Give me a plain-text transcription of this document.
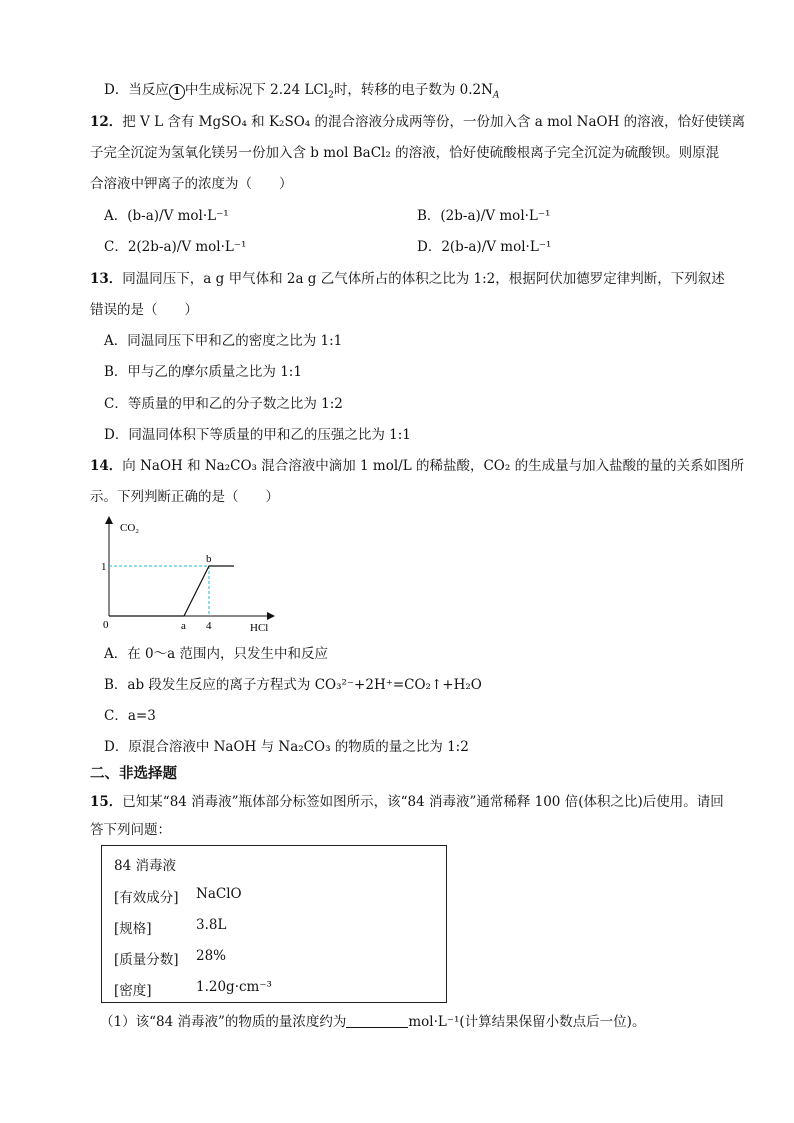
D．当反应 1 中生成标况下 2.24 LCl$_2$时，转移的电子数为 $0.2N_A$
12．把 V L 含有 MgSO₄ 和 K₂SO₄ 的混合溶液分成两等份，一份加入含 a mol NaOH 的溶液，恰好使镁离
子完全沉淀为氢氧化镁另一份加入含 b mol BaCl₂ 的溶液，恰好使硫酸根离子完全沉淀为硫酸钡。则原混
合溶液中钾离子的浓度为（　　）
A．(b-a)/V mol·L⁻¹	B．(2b-a)/V mol·L⁻¹
C．2(2b-a)/V mol·L⁻¹	D．2(b-a)/V mol·L⁻¹
13．同温同压下，a g 甲气体和 2a g 乙气体所占的体积之比为 1:2，根据阿伏加德罗定律判断，下列叙述
错误的是（　　）
A．同温同压下甲和乙的密度之比为 1:1
B．甲与乙的摩尔质量之比为 1:1
C．等质量的甲和乙的分子数之比为 1:2
D．同温同体积下等质量的甲和乙的压强之比为 1:1
14．向 NaOH 和 Na₂CO₃ 混合溶液中滴加 1 mol/L 的稀盐酸，CO₂ 的生成量与加入盐酸的量的关系如图所
示。下列判断正确的是（　　）
CO₂
HCl
0
1
a 4
b
A．在 0～a 范围内，只发生中和反应
B．ab 段发生反应的离子方程式为 CO₃²⁻+2H⁺=CO₂↑+H₂O
C．a=3
D．原混合溶液中 NaOH 与 Na₂CO₃ 的物质的量之比为 1:2
二、非选择题
15．已知某“84 消毒液”瓶体部分标签如图所示，该“84 消毒液”通常稀释 100 倍(体积之比)后使用。请回
答下列问题：
84 消毒液
[有效成分] NaClO
[规格]	3.8L
[质量分数] 28%
[密度]	1.20g·cm⁻³
（1）该“84 消毒液”的物质的量浓度约为	mol·L⁻¹(计算结果保留小数点后一位)。
